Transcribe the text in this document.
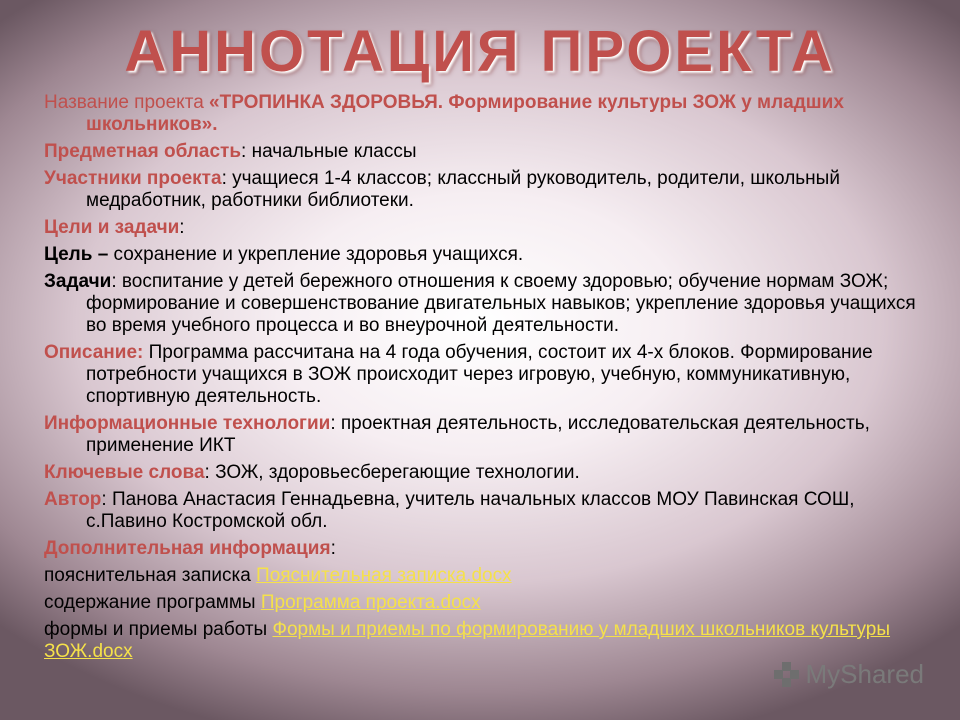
АННОТАЦИЯ ПРОЕКТА
Название проекта «ТРОПИНКА ЗДОРОВЬЯ. Формирование культуры ЗОЖ у младших школьников».
Предметная область: начальные классы
Участники проекта: учащиеся 1-4 классов; классный руководитель, родители, школьный медработник, работники библиотеки.
Цели и задачи:
Цель – сохранение и укрепление здоровья учащихся.
Задачи: воспитание у детей бережного отношения к своему здоровью; обучение нормам ЗОЖ; формирование и совершенствование двигательных навыков; укрепление здоровья учащихся во время учебного процесса и во внеурочной деятельности.
Описание: Программа рассчитана на 4 года обучения, состоит их 4-х блоков. Формирование потребности учащихся в ЗОЖ происходит через игровую, учебную, коммуникативную, спортивную деятельность.
Информационные технологии: проектная деятельность, исследовательская деятельность, применение ИКТ
Ключевые слова: ЗОЖ, здоровьесберегающие технологии.
Автор: Панова Анастасия Геннадьевна, учитель начальных классов МОУ Павинская СОШ, с.Павино Костромской обл.
Дополнительная информация:
пояснительная записка Пояснительная записка.docx
содержание программы Программа проекта.docx
формы и приемы работы Формы и приемы по формированию у младших школьников культуры ЗОЖ.docx
MyShared
